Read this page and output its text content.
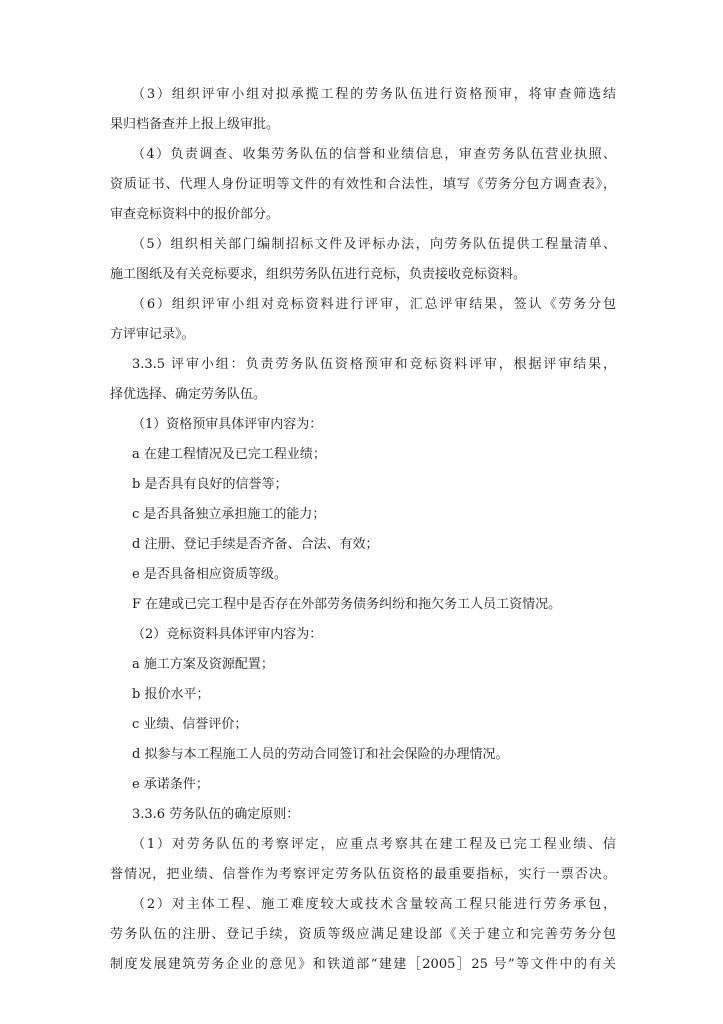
（3）组织评审小组对拟承揽工程的劳务队伍进行资格预审，将审查筛选结
果归档备查并上报上级审批。
（4）负责调查、收集劳务队伍的信誉和业绩信息，审查劳务队伍营业执照、
资质证书、代理人身份证明等文件的有效性和合法性，填写《劳务分包方调查表》，
审查竞标资料中的报价部分。
（5）组织相关部门编制招标文件及评标办法，向劳务队伍提供工程量清单、
施工图纸及有关竞标要求，组织劳务队伍进行竞标，负责接收竞标资料。
（6）组织评审小组对竞标资料进行评审，汇总评审结果，签认《劳务分包
方评审记录》。
3.3.5 评审小组：负责劳务队伍资格预审和竞标资料评审，根据评审结果，
择优选择、确定劳务队伍。
（1）资格预审具体评审内容为：
a 在建工程情况及已完工程业绩；
b 是否具有良好的信誉等；
c 是否具备独立承担施工的能力；
d 注册、登记手续是否齐备、合法、有效；
e 是否具备相应资质等级。
F 在建或已完工程中是否存在外部劳务债务纠纷和拖欠务工人员工资情况。
（2）竞标资料具体评审内容为：
a 施工方案及资源配置；
b 报价水平；
c 业绩、信誉评价；
d 拟参与本工程施工人员的劳动合同签订和社会保险的办理情况。
e 承诺条件；
3.3.6 劳务队伍的确定原则：
（1）对劳务队伍的考察评定，应重点考察其在建工程及已完工程业绩、信
誉情况，把业绩、信誉作为考察评定劳务队伍资格的最重要指标，实行一票否决。
（2）对主体工程、施工难度较大或技术含量较高工程只能进行劳务承包，
劳务队伍的注册、登记手续，资质等级应满足建设部《关于建立和完善劳务分包
制度发展建筑劳务企业的意见》和铁道部“建建［2005］25 号”等文件中的有关
